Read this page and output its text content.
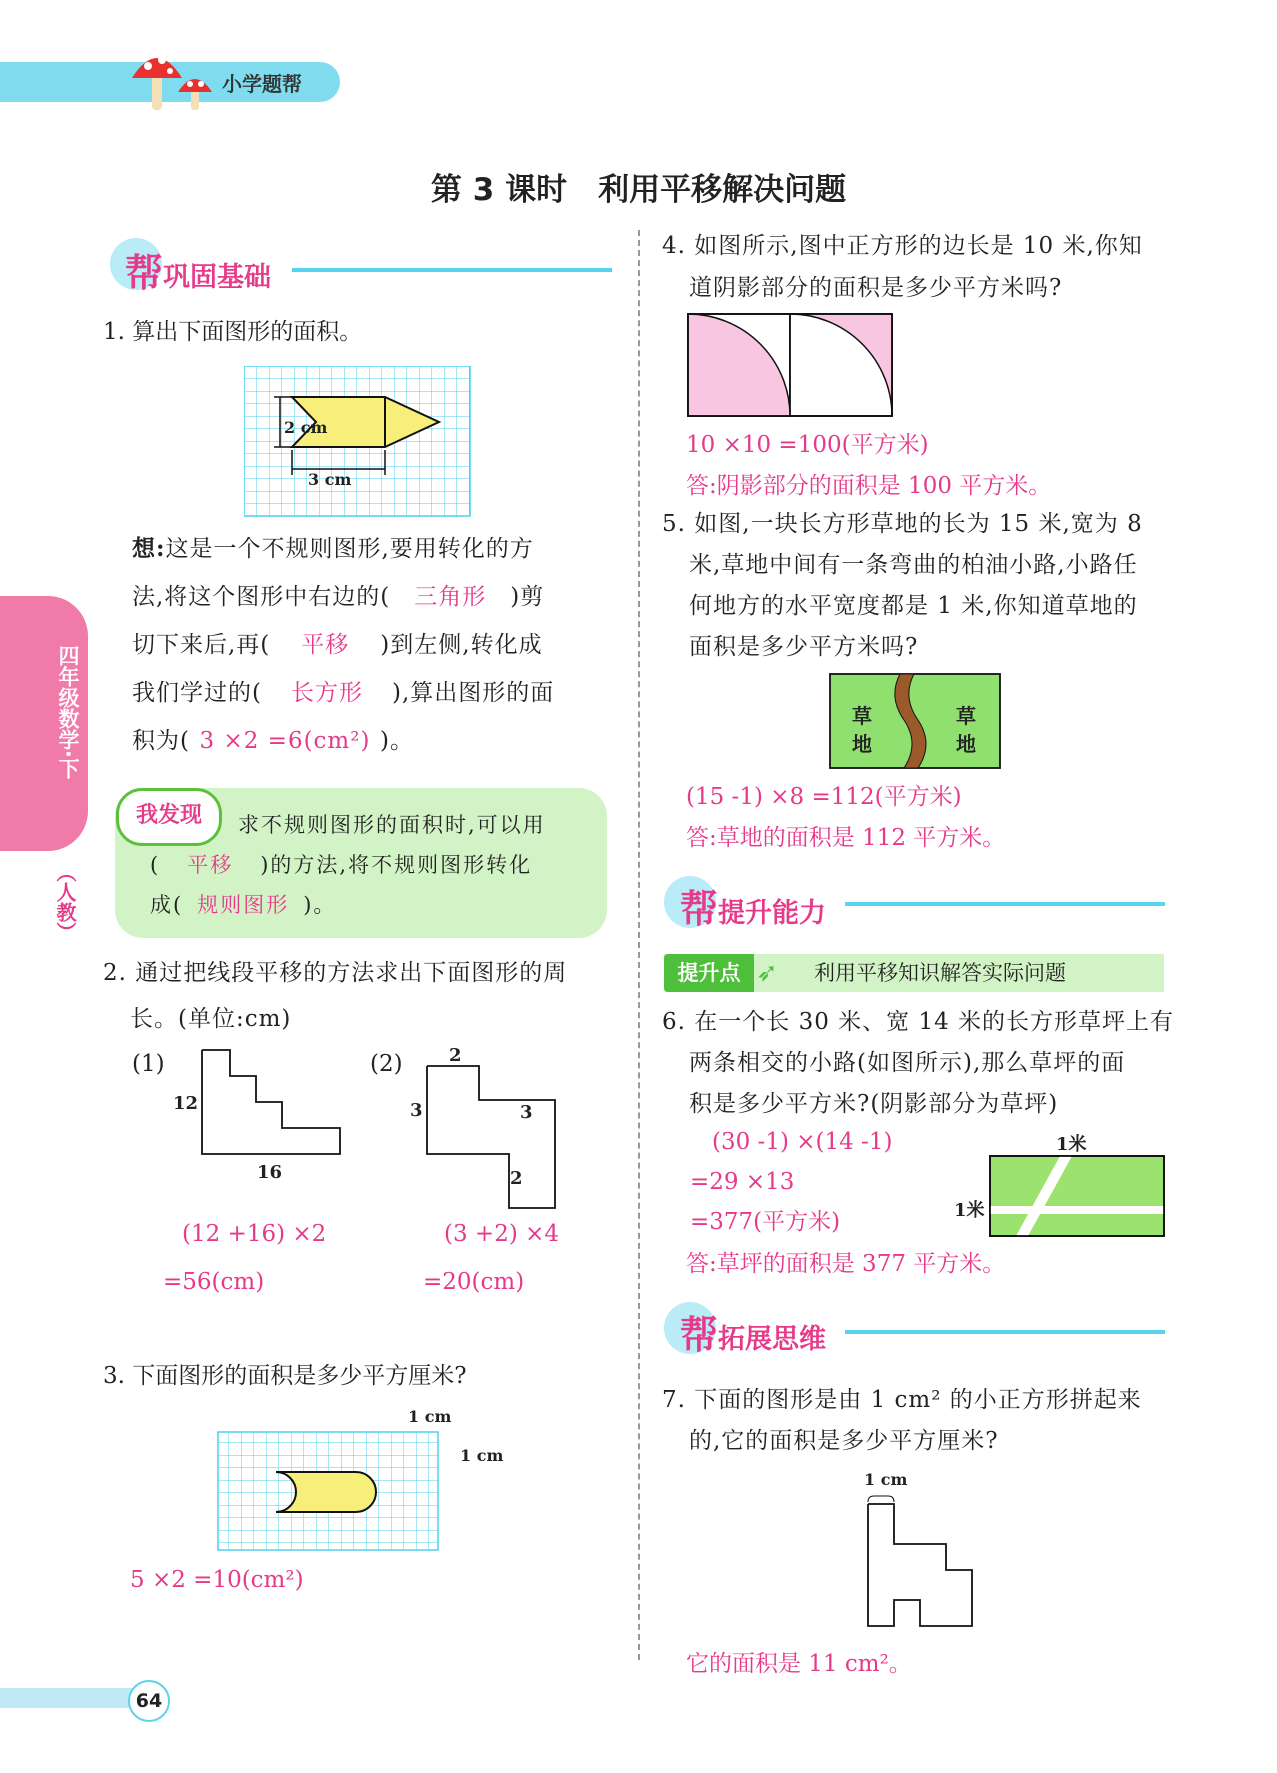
小学题帮
第 3 课时　利用平移解决问题
四年级数学·下
（人教）
帮巩固基础
1. 算出下面图形的面积。
2 cm
3 cm
想:这是一个不规则图形,要用转化的方
法,将这个图形中右边的( 三角形 )剪
切下来后,再( 平移 )到左侧,转化成
我们学过的( 长方形 ),算出图形的面
积为( 3 ×2 =6(cm²) )。
我发现	求不规则图形的面积时,可以用
( 平移 )的方法,将不规则图形转化
成( 规则图形 )。
2. 通过把线段平移的方法求出下面图形的周
长。(单位:cm)
(1)
12
16
(12 +16) ×2
=56(cm)
(2)	2
3	3
2
(3 +2) ×4
=20(cm)
3. 下面图形的面积是多少平方厘米?
1 cm
1 cm
5 ×2 =10(cm²)
64
4. 如图所示,图中正方形的边长是 10 米,你知
道阴影部分的面积是多少平方米吗?
10 ×10 =100(平方米)
答:阴影部分的面积是 100 平方米。
5. 如图,一块长方形草地的长为 15 米,宽为 8
米,草地中间有一条弯曲的柏油小路,小路任
何地方的水平宽度都是 1 米,你知道草地的
面积是多少平方米吗?
草
地
草
地
(15 -1) ×8 =112(平方米)
答:草地的面积是 112 平方米。
帮提升能力
提升点 ➶ 利用平移知识解答实际问题
6. 在一个长 30 米、宽 14 米的长方形草坪上有
两条相交的小路(如图所示),那么草坪的面
积是多少平方米?(阴影部分为草坪)
(30 -1) ×(14 -1)
=29 ×13
=377(平方米)
答:草坪的面积是 377 平方米。
1米
1米
帮拓展思维
7. 下面的图形是由 1 cm² 的小正方形拼起来
的,它的面积是多少平方厘米?
1 cm
它的面积是 11 cm²。
